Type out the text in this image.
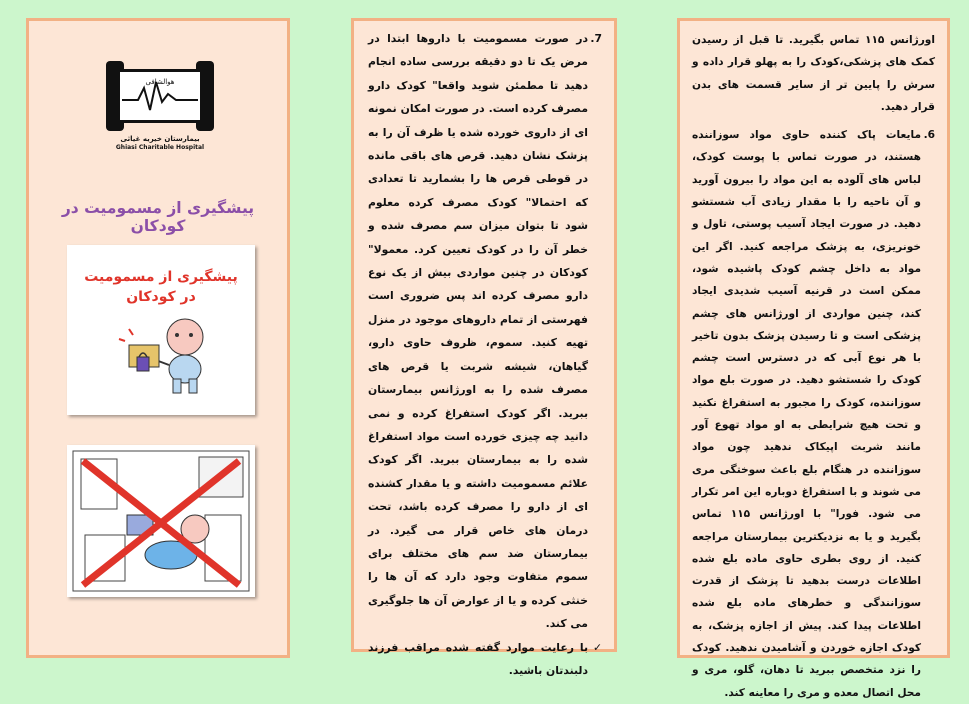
هوالشافی
بیمارستان خیریه غیاثی
Ghiasi Charitable Hospital
پیشگیری از مسمومیت در کودکان
پیشگیری از مسمومیت
در کودکان

7.
در صورت مسمومیت با داروها ابتدا در مرض یک تا دو دقیقه بررسی ساده انجام دهید تا مطمئن شوید واقعا" کودک دارو مصرف کرده است. در صورت امکان نمونه ای از داروی خورده شده یا ظرف آن را به پزشک نشان دهید. قرص های باقی مانده در قوطی قرص ها را بشمارید تا تعدادی که احتمالا" کودک مصرف کرده معلوم شود تا بتوان میزان سم مصرف شده و خطر آن را در کودک تعیین کرد. معمولا" کودکان در چنین مواردی بیش از یک نوع دارو مصرف کرده اند پس ضروری است فهرستی از تمام داروهای موجود در منزل تهیه کنید. سموم، ظروف حاوی دارو، گیاهان، شیشه شربت یا قرص های مصرف شده را به اورژانس بیمارستان ببرید. اگر کودک استفراغ کرده و نمی دانید چه چیزی خورده است مواد استفراغ شده را به بیمارستان ببرید. اگر کودک علائم مسمومیت داشته و یا مقدار کشنده ای از دارو را مصرف کرده باشد، تحت درمان های خاص قرار می گیرد. در بیمارستان ضد سم های مختلف برای سموم متفاوت وجود دارد که آن ها را خنثی کرده و یا از عوارض آن ها جلوگیری می کند.

✓
با رعایت موارد گفته شده مراقب فرزند دلبندتان باشید.

اورژانس ۱۱۵ تماس بگیرید. تا قبل از رسیدن کمک های پزشکی،کودک را به پهلو قرار داده و سرش را پایین تر از سایر قسمت های بدن قرار دهید.

6.
مایعات پاک کننده حاوی مواد سوزاننده هستند، در صورت تماس با پوست کودک، لباس های آلوده به این مواد را بیرون آورید و آن ناحیه را با مقدار زیادی آب شستشو دهید. در صورت ایجاد آسیب پوستی، تاول و خونریزی، به پزشک مراجعه کنید. اگر این مواد به داخل چشم کودک پاشیده شود، ممکن است در قرنیه آسیب شدیدی ایجاد کند، چنین مواردی از اورژانس های چشم پزشکی است و تا رسیدن پزشک بدون تاخیر با هر نوع آبی که در دسترس است چشم کودک را شستشو دهید. در صورت بلع مواد سوزاننده، کودک را مجبور به استفراغ نکنید و تحت هیچ شرایطی به او مواد تهوع آور مانند شربت اپیکاک ندهید چون مواد سوزاننده در هنگام بلع باعث سوختگی مری می شوند و با استفراغ دوباره این امر تکرار می شود. فورا" با اورژانس ۱۱۵ تماس بگیرید و یا به نزدیکترین بیمارستان مراجعه کنید. از روی بطری حاوی ماده بلع شده اطلاعات درست بدهید تا پزشک از قدرت سوزانندگی و خطرهای ماده بلع شده اطلاعات پیدا کند. پیش از اجازه پزشک، به کودک اجازه خوردن و آشامیدن ندهید. کودک را نزد متخصص ببرید تا دهان، گلو، مری و محل اتصال معده و مری را معاینه کند.
